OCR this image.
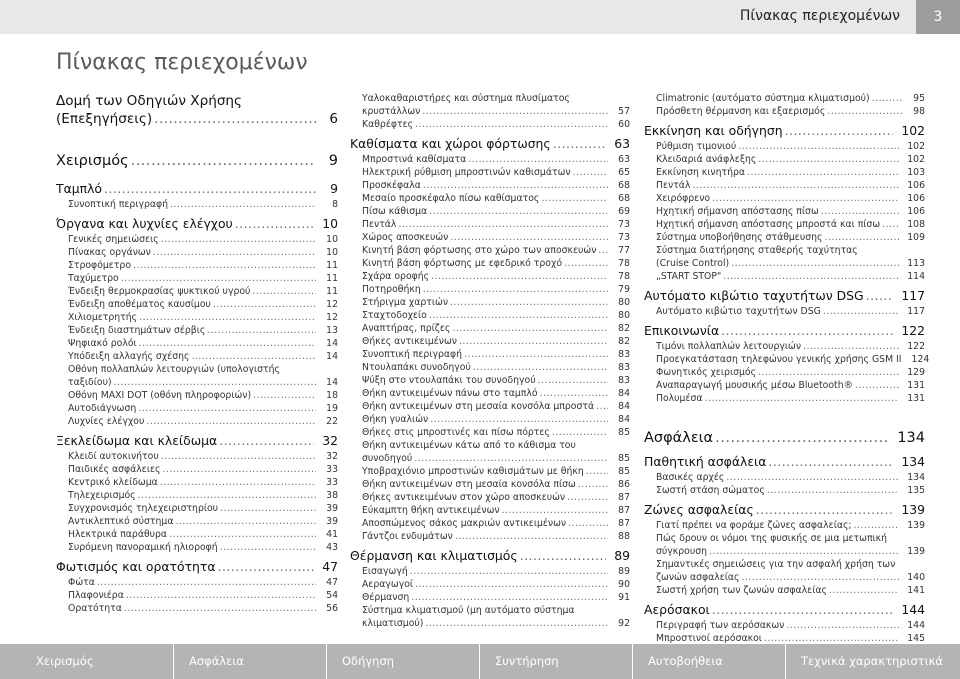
Πίνακας περιεχομένων	3
Πίνακας περιεχομένων
Δομή των Οδηγιών Χρήσης
(Επεξηγήσεις) .....	6
Χειρισμός .....	9
Ταμπλό .....	9
Συνοπτική περιγραφή .....	8
Όργανα και λυχνίες ελέγχου .....	10
Γενικές σημειώσεις .....	10
Πίνακας οργάνων .....	10
Στροφόμετρο .....	11
Ταχύμετρο .....	11
Ένδειξη θερμοκρασίας ψυκτικού υγρού .....	11
Ένδειξη αποθέματος καυσίμου .....	12
Χιλιομετρητής .....	12
Ένδειξη διαστημάτων σέρβις .....	13
Ψηφιακό ρολόι .....	14
Υπόδειξη αλλαγής σχέσης .....	14
Οθόνη πολλαπλών λειτουργιών (υπολογιστής
ταξιδίου) .....	14
Οθόνη MAXI DOT (οθόνη πληροφοριών) .....	18
Αυτοδιάγνωση .....	19
Λυχνίες ελέγχου .....	22
Ξεκλείδωμα και κλείδωμα .....	32
Κλειδί αυτοκινήτου .....	32
Παιδικές ασφάλειες .....	33
Κεντρικό κλείδωμα .....	33
Τηλεχειρισμός .....	38
Συγχρονισμός τηλεχειριστηρίου .....	39
Αντικλεπτικό σύστημα .....	39
Ηλεκτρικά παράθυρα .....	41
Συρόμενη πανοραμική ηλιοροφή .....	43
Φωτισμός και ορατότητα .....	47
Φώτα .....	47
Πλαφονιέρα .....	54
Ορατότητα .....	56
Υαλοκαθαριστήρες και σύστημα πλυσίματος
κρυστάλλων .....	57
Καθρέφτες .....	60
Καθίσματα και χώροι φόρτωσης .....	63
Μπροστινά καθίσματα .....	63
Ηλεκτρική ρύθμιση μπροστινών καθισμάτων .....	65
Προσκέφαλα .....	68
Μεσαίο προσκέφαλο πίσω καθίσματος .....	68
Πίσω κάθισμα .....	69
Πεντάλ .....	73
Χώρος αποσκευών .....	73
Κινητή βάση φόρτωσης στο χώρο των αποσκευών ..... 77
Κινητή βάση φόρτωσης με εφεδρικό τροχό .....	78
Σχάρα οροφής .....	78
Ποτηροθήκη .....	79
Στήριγμα χαρτιών .....	80
Σταχτοδοχείο .....	80
Αναπτήρας, πρίζες .....	82
Θήκες αντικειμένων .....	82
Συνοπτική περιγραφή .....	83
Ντουλαπάκι συνοδηγού .....	83
Ψύξη στο ντουλαπάκι του συνοδηγού .....	83
Θήκη αντικειμένων πάνω στο ταμπλό .....	84
Θήκη αντικειμένων στη μεσαία κονσόλα μπροστά .....	84
Θήκη γυαλιών .....	84
Θήκες στις μπροστινές και πίσω πόρτες .....	85
Θήκη αντικειμένων κάτω από το κάθισμα του
συνοδηγού .....	85
Υποβραχιόνιο μπροστινών καθισμάτων με θήκη .....	85
Θήκη αντικειμένων στη μεσαία κονσόλα πίσω .....	86
Θήκες αντικειμένων στον χώρο αποσκευών .....	87
Εύκαμπτη θήκη αντικειμένων .....	87
Αποσπώμενος σάκος μακριών αντικειμένων .....	87
Γάντζοι ενδυμάτων .....	88
Θέρμανση και κλιματισμός .....	89
Εισαγωγή .....	89
Αεραγωγοί .....	90
Θέρμανση .....	91
Σύστημα κλιματισμού (μη αυτόματο σύστημα
κλιματισμού) .....	92
Climatronic (αυτόματο σύστημα κλιματισμού) .....	95
Πρόσθετη θέρμανση και εξαερισμός .....	98
Εκκίνηση και οδήγηση .....	102
Ρύθμιση τιμονιού .....	102
Κλειδαριά ανάφλεξης .....	102
Εκκίνηση κινητήρα .....	103
Πεντάλ .....	106
Χειρόφρενο .....	106
Ηχητική σήμανση απόστασης πίσω .....	106
Ηχητική σήμανση απόστασης μπροστά και πίσω .....	108
Σύστημα υποβοήθησης στάθμευσης .....	109
Σύστημα διατήρησης σταθερής ταχύτητας
(Cruise Control) .....	113
„START STOP" .....	114
Αυτόματο κιβώτιο ταχυτήτων DSG .....	117
Αυτόματο κιβώτιο ταχυτήτων DSG .....	117
Επικοινωνία .....	122
Τιμόνι πολλαπλών λειτουργιών .....	122
Προεγκατάσταση τηλεφώνου γενικής χρήσης GSM II 124
Φωνητικός χειρισμός .....	129
Αναπαραγωγή μουσικής μέσω Bluetooth® .....	131
Πολυμέσα .....	131
Ασφάλεια .....	134
Παθητική ασφάλεια .....	134
Βασικές αρχές .....	134
Σωστή στάση σώματος .....	135
Ζώνες ασφαλείας .....	139
Γιατί πρέπει να φοράμε ζώνες ασφαλείας; .....	139
Πώς δρουν οι νόμοι της φυσικής σε μια μετωπική
σύγκρουση .....	139
Σημαντικές σημειώσεις για την ασφαλή χρήση των
ζωνών ασφαλείας .....	140
Σωστή χρήση των ζωνών ασφαλείας .....	141
Αερόσακοι .....	144
Περιγραφή των αερόσακων .....	144
Μπροστινοί αερόσακοι .....	145
Χειρισμός	Ασφάλεια	Οδήγηση	Συντήρηση	Αυτοβοήθεια	Τεχνικά χαρακτηριστικά
